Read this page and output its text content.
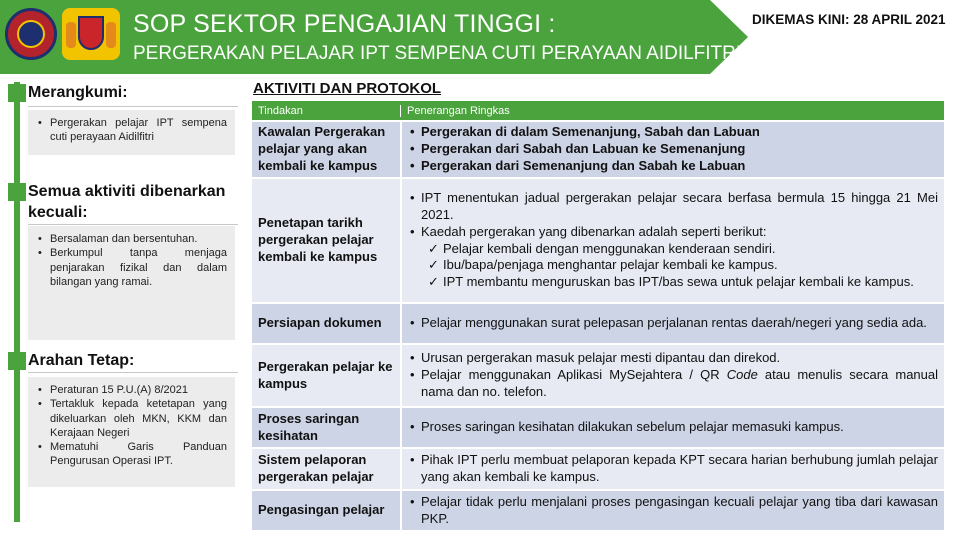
SOP SEKTOR PENGAJIAN TINGGI :
PERGERAKAN PELAJAR IPT SEMPENA CUTI PERAYAAN AIDILFITRI
DIKEMAS KINI: 28 APRIL 2021
Merangkumi:
• Pergerakan pelajar IPT sempena cuti perayaan Aidilfitri
Semua aktiviti dibenarkan kecuali:
• Bersalaman dan bersentuhan.
• Berkumpul tanpa menjaga penjarakan fizikal dan dalam bilangan yang ramai.
Arahan Tetap:
• Peraturan 15 P.U.(A) 8/2021
• Tertakluk kepada ketetapan yang dikeluarkan oleh MKN, KKM dan Kerajaan Negeri
• Mematuhi Garis Panduan Pengurusan Operasi IPT.
AKTIVITI DAN PROTOKOL
Tindakan	Penerangan Ringkas
Kawalan Pergerakan pelajar yang akan kembali ke kampus
• Pergerakan di dalam Semenanjung, Sabah dan Labuan
• Pergerakan dari Sabah dan Labuan ke Semenanjung
• Pergerakan dari Semenanjung dan Sabah ke Labuan
Penetapan tarikh pergerakan pelajar kembali ke kampus
• IPT menentukan jadual pergerakan pelajar secara berfasa bermula 15 hingga 21 Mei 2021.
• Kaedah pergerakan yang dibenarkan adalah seperti berikut:
✓ Pelajar kembali dengan menggunakan kenderaan sendiri.
✓ Ibu/bapa/penjaga menghantar pelajar kembali ke kampus.
✓ IPT membantu menguruskan bas IPT/bas sewa untuk pelajar kembali ke kampus.
Persiapan dokumen
•	Pelajar menggunakan surat pelepasan perjalanan rentas daerah/negeri yang sedia ada.
Pergerakan pelajar ke kampus
• Urusan pergerakan masuk pelajar mesti dipantau dan direkod.
• Pelajar menggunakan Aplikasi MySejahtera / QR Code atau menulis secara manual nama dan no. telefon.
Proses saringan kesihatan
• Proses saringan kesihatan dilakukan sebelum pelajar memasuki kampus.
Sistem pelaporan pergerakan pelajar
• Pihak IPT perlu membuat pelaporan kepada KPT secara harian berhubung jumlah pelajar yang akan kembali ke kampus.
Pengasingan pelajar
• Pelajar tidak perlu menjalani proses pengasingan kecuali pelajar yang tiba dari kawasan PKP.
